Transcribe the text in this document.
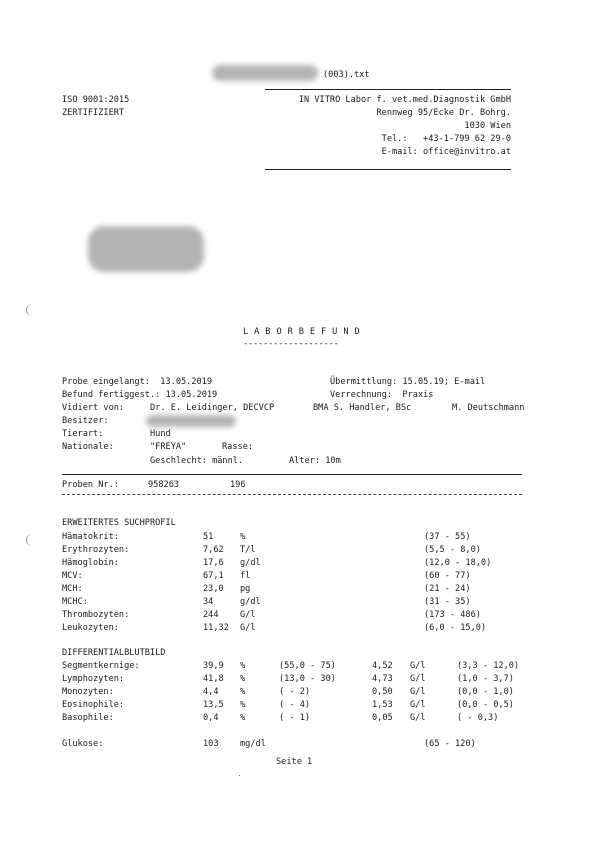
(003).txt
ISO 9001:2015
ZERTIFIZIERT
IN VITRO Labor f. vet.med.Diagnostik GmbH
Rennweg 95/Ecke Dr. Bohrg.
1030 Wien
Tel.:   +43-1-799 62 29-0
E-mail: office@invitro.at
L A B O R B E F U N D
-------------------
Probe eingelangt:  13.05.2019	Übermittlung: 15.05.19; E-mail
Befund fertiggest.: 13.05.2019	Verrechnung:  Praxis
Vidiert von:	Dr. E. Leidinger, DECVCP	BMA S. Handler, BSc	M. Deutschmann
Besitzer:
Tierart:	Hund
Nationale:	"FREYA"	Rasse:
Geschlecht: männl.	Alter: 10m
Proben Nr.:	958263	196
ERWEITERTES SUCHPROFIL
Hämatokrit:	51	%	(37 - 55)
Erythrozyten:	7,62 T/l	(5,5 - 8,0)
Hämoglobin:	17,6 g/dl	(12,0 - 18,0)
MCV:	67,1 fl	(60 - 77)
MCH:	23,0 pg	(21 - 24)
MCHC:	34	g/dl	(31 - 35)
Thrombozyten:	244 G/l	(173 - 486)
Leukozyten:	11,32 G/l	(6,0 - 15,0)
DIFFERENTIALBLUTBILD
Segmentkernige:	39,9 %	(55,0 - 75)	4,52 G/l	(3,3 - 12,0)
Lymphozyten:	41,8 %	(13,0 - 30)	4,73 G/l	(1,0 - 3,7)
Monozyten:	4,4 %	( - 2)	0,50 G/l	(0,0 - 1,0)
Eosinophile:	13,5 %	( - 4)	1,53 G/l	(0,0 - 0,5)
Basophile:	0,4 %	( - 1)	0,05 G/l	( - 0,3)
Glukose:	103 mg/dl	(65 - 120)
Seite 1
